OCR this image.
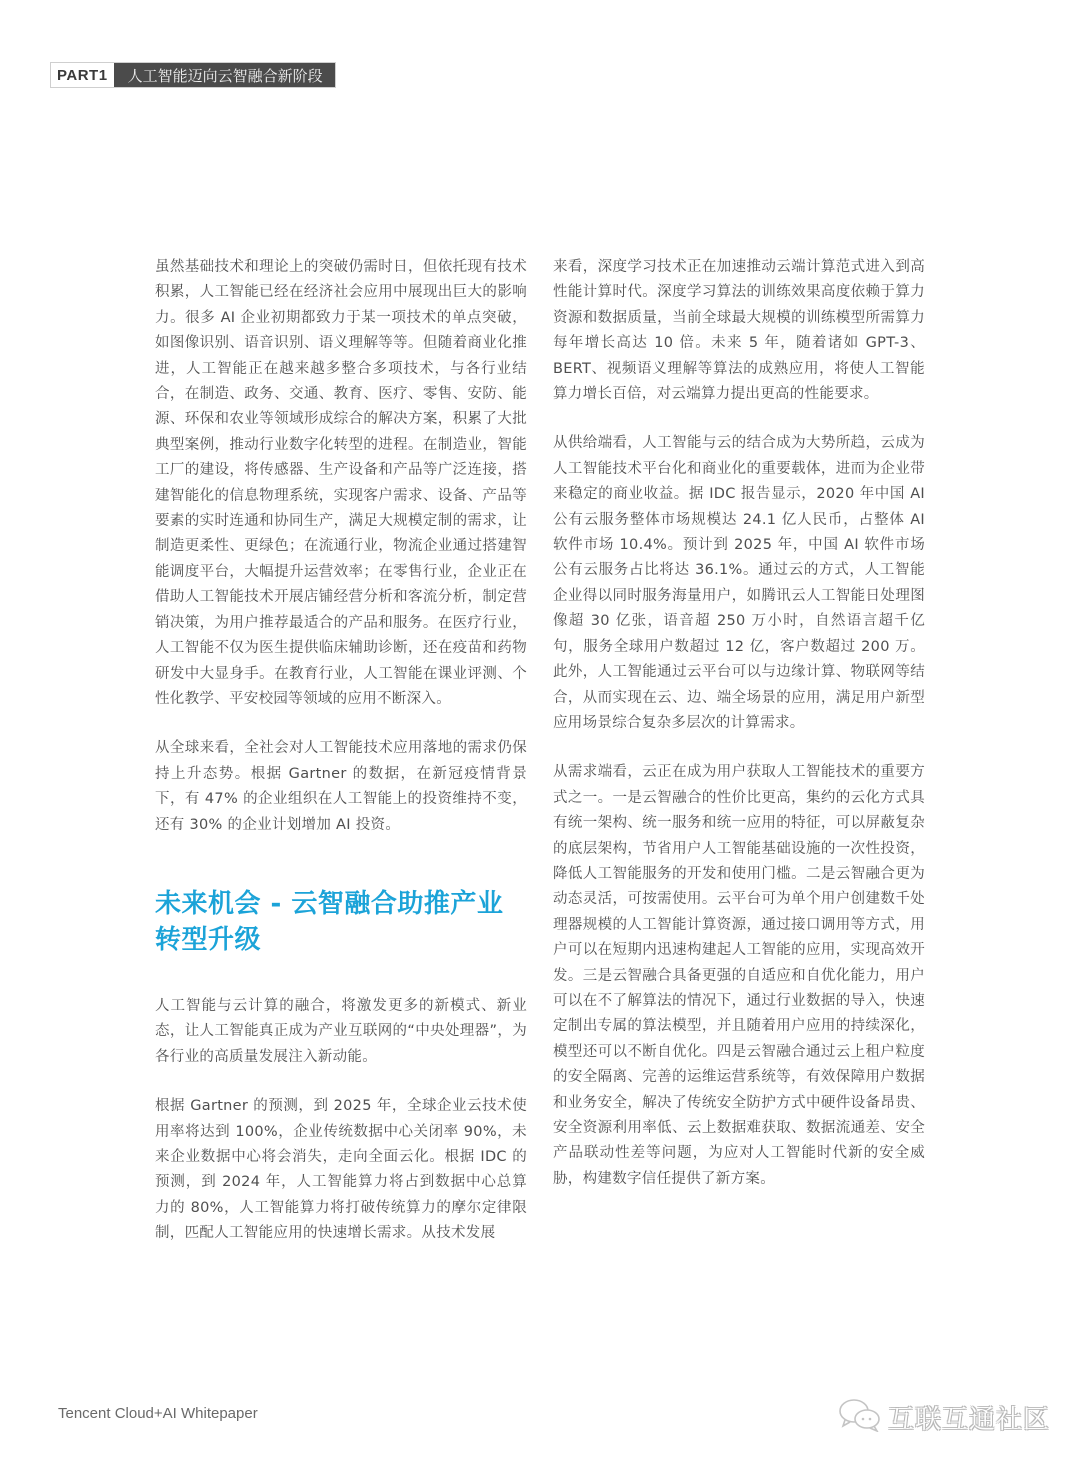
PART1	人工智能迈向云智融合新阶段

虽然基础技术和理论上的突破仍需时日，但依托现有技术积累，人工智能已经在经济社会应用中展现出巨大的影响力。很多 AI 企业初期都致力于某一项技术的单点突破，如图像识别、语音识别、语义理解等等。但随着商业化推进，人工智能正在越来越多整合多项技术，与各行业结合，在制造、政务、交通、教育、医疗、零售、安防、能源、环保和农业等领域形成综合的解决方案，积累了大批典型案例，推动行业数字化转型的进程。在制造业，智能工厂的建设，将传感器、生产设备和产品等广泛连接，搭建智能化的信息物理系统，实现客户需求、设备、产品等要素的实时连通和协同生产，满足大规模定制的需求，让制造更柔性、更绿色；在流通行业，物流企业通过搭建智能调度平台，大幅提升运营效率；在零售行业，企业正在借助人工智能技术开展店铺经营分析和客流分析，制定营销决策，为用户推荐最适合的产品和服务。在医疗行业，人工智能不仅为医生提供临床辅助诊断，还在疫苗和药物研发中大显身手。在教育行业，人工智能在课业评测、个性化教学、平安校园等领域的应用不断深入。

从全球来看，全社会对人工智能技术应用落地的需求仍保持上升态势。根据 Gartner 的数据，在新冠疫情背景下，有 47% 的企业组织在人工智能上的投资维持不变，还有 30% 的企业计划增加 AI 投资。

未来机会 - 云智融合助推产业转型升级

人工智能与云计算的融合，将激发更多的新模式、新业态，让人工智能真正成为产业互联网的“中央处理器”，为各行业的高质量发展注入新动能。

根据 Gartner 的预测，到 2025 年，全球企业云技术使用率将达到 100%，企业传统数据中心关闭率 90%，未来企业数据中心将会消失，走向全面云化。根据 IDC 的预测，到 2024 年，人工智能算力将占到数据中心总算力的 80%，人工智能算力将打破传统算力的摩尔定律限制，匹配人工智能应用的快速增长需求。从技术发展

来看，深度学习技术正在加速推动云端计算范式进入到高性能计算时代。深度学习算法的训练效果高度依赖于算力资源和数据质量，当前全球最大规模的训练模型所需算力每年增长高达 10 倍。未来 5 年，随着诸如 GPT-3、BERT、视频语义理解等算法的成熟应用，将使人工智能算力增长百倍，对云端算力提出更高的性能要求。

从供给端看，人工智能与云的结合成为大势所趋，云成为人工智能技术平台化和商业化的重要载体，进而为企业带来稳定的商业收益。据 IDC 报告显示，2020 年中国 AI 公有云服务整体市场规模达 24.1 亿人民币，占整体 AI 软件市场 10.4%。预计到 2025 年，中国 AI 软件市场公有云服务占比将达 36.1%。通过云的方式，人工智能企业得以同时服务海量用户，如腾讯云人工智能日处理图像超 30 亿张，语音超 250 万小时，自然语言超千亿句，服务全球用户数超过 12 亿，客户数超过 200 万。此外，人工智能通过云平台可以与边缘计算、物联网等结合，从而实现在云、边、端全场景的应用，满足用户新型应用场景综合复杂多层次的计算需求。

从需求端看，云正在成为用户获取人工智能技术的重要方式之一。一是云智融合的性价比更高，集约的云化方式具有统一架构、统一服务和统一应用的特征，可以屏蔽复杂的底层架构，节省用户人工智能基础设施的一次性投资，降低人工智能服务的开发和使用门槛。二是云智融合更为动态灵活，可按需使用。云平台可为单个用户创建数千处理器规模的人工智能计算资源，通过接口调用等方式，用户可以在短期内迅速构建起人工智能的应用，实现高效开发。三是云智融合具备更强的自适应和自优化能力，用户可以在不了解算法的情况下，通过行业数据的导入，快速定制出专属的算法模型，并且随着用户应用的持续深化，模型还可以不断自优化。四是云智融合通过云上租户粒度的安全隔离、完善的运维运营系统等，有效保障用户数据和业务安全，解决了传统安全防护方式中硬件设备昂贵、安全资源利用率低、云上数据难获取、数据流通差、安全产品联动性差等问题，为应对人工智能时代新的安全威胁，构建数字信任提供了新方案。

Tencent Cloud+AI Whitepaper	互联互通社区
